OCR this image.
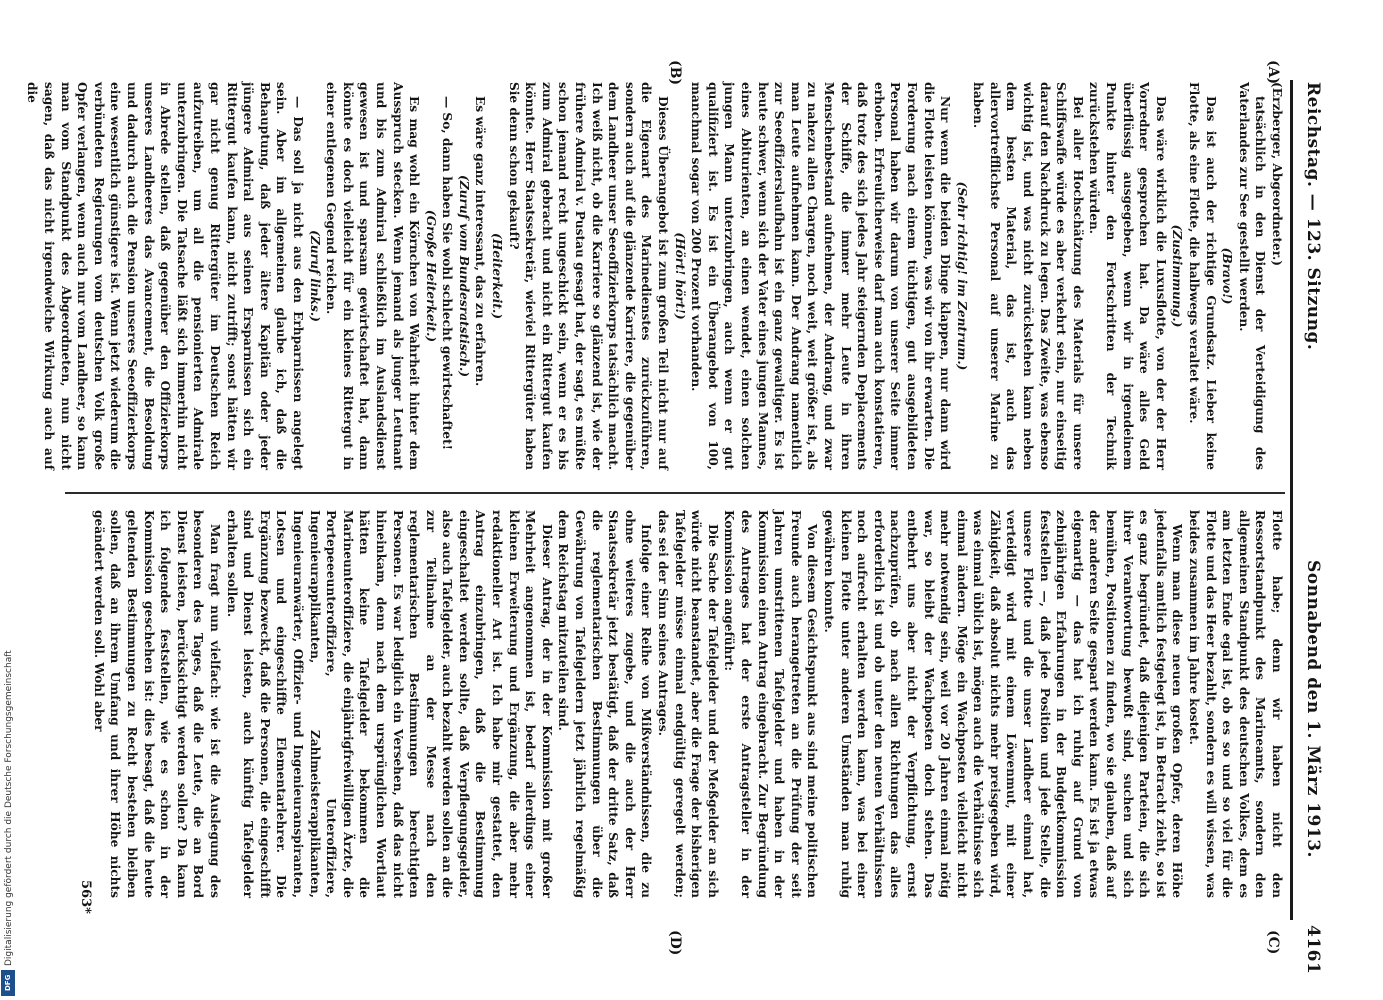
Reichstag. — 123. Sitzung.
Sonnabend den 1. März 1913.
4161
(A)
(B)
(C)
(D)

(Erzberger, Abgeordneter.)

tatsächlich in den Dienst der Verteidigung des Vaterlandes zur See gestellt werden.

(Bravo!)

Das ist auch der richtige Grundsatz. Lieber keine Flotte, als eine Flotte, die halbwegs veraltet wäre.

(Zustimmung.)

Das wäre wirklich die Luxusflotte, von der der Herr Vorredner gesprochen hat. Da wäre alles Geld überflüssig ausgegeben, wenn wir in irgendeinem Punkte hinter den Fortschritten der Technik zurückstehen würden.

Bei aller Hochschätzung des Materials für unsere Schiffswaffe würde es aber verkehrt sein, nur einseitig darauf den Nachdruck zu legen. Das Zweite, was ebenso wichtig ist, und was nicht zurückstehen kann neben dem besten Material, das ist, auch das allervortrefflichste Personal auf unserer Marine zu haben.

(Sehr richtig! im Zentrum.)

Nur wenn die beiden Dinge klappen, nur dann wird die Flotte leisten können, was wir von ihr erwarten. Die Forderung nach einem tüchtigen, gut ausgebildeten Personal haben wir darum von unserer Seite immer erhoben. Erfreulicherweise darf man auch konstatieren, daß trotz des sich jedes Jahr steigernden Deplacements der Schiffe, die immer mehr Leute in ihren Menschenbestand aufnehmen, der Andrang, und zwar zu nahezu allen Chargen, noch weit, weit größer ist, als man Leute aufnehmen kann. Der Andrang namentlich zur Seeoffizierslaufbahn ist ein ganz gewaltiger. Es ist heute schwer, wenn sich der Vater eines jungen Mannes, eines Abiturienten, an einen wendet, einen solchen jungen Mann unterzubringen, auch wenn er gut qualifiziert ist. Es ist ein Überangebot von 100, manchmal sogar von 200 Prozent vorhanden.

(Hört! hört!)

Dieses Überangebot ist zum großen Teil nicht nur auf die Eigenart des Marinedienstes zurückzuführen, sondern auch auf die glänzende Karriere, die gegenüber dem Landheer unser Seeoffizierkorps tatsächlich macht. Ich weiß nicht, ob die Karriere so glänzend ist, wie der frühere Admiral v. Pustau gesagt hat, der sagt, es müßte schon jemand recht ungeschickt sein, wenn er es bis zum Admiral gebracht und nicht ein Rittergut kaufen könnte. Herr Staatssekretär, wieviel Rittergüter haben Sie denn schon gekauft?

(Heiterkeit.)

Es wäre ganz interessant, das zu erfahren.

(Zuruf vom Bundesratstisch.)

— So, dann haben Sie wohl schlecht gewirtschaftet!

(Große Heiterkeit.)

Es mag wohl ein Körnchen von Wahrheit hinter dem Ausspruch stecken. Wenn jemand als junger Leutnant und bis zum Admiral schließlich im Auslandsdienst gewesen ist und sparsam gewirtschaftet hat, dann könnte es doch vielleicht für ein kleines Rittergut in einer entlegenen Gegend reichen.

(Zuruf links.)

— Das soll ja nicht aus den Erhparnissen angelegt sein. Aber im allgemeinen glaube ich, daß die Behauptung, daß jeder ältere Kapitän oder jeder jüngere Admiral aus seinen Ersparnissen sich ein Rittergut kaufen kann, nicht zutrifft; sonst hätten wir gar nicht genug Rittergüter im Deutschen Reich aufzutreiben, um all die pensionierten Admirale unterzubringen. Die Tatsache läßt sich immerhin nicht in Abrede stellen, daß gegenüber den Offizierkorps unseres Landheeres das Avancement, die Besoldung und dadurch auch die Pension unseres Seeoffizierkorps eine wesentlich günstigere ist. Wenn jetzt wiederum die verbündeten Regierungen vom deutschen Volk große Opfer verlangen, wenn auch nur vom Landheer, so kann man vom Standpunkt des Abgeordneten, nun nicht sagen, daß das nicht irgendwelche Wirkung auch auf die

Flotte habe; denn wir haben nicht den Ressortstandpunkt des Marineamts, sondern den allgemeinen Standpunkt des deutschen Volkes, dem es am letzten Ende egal ist, ob es so und so viel für die Flotte und das Heer bezahlt, sondern es will wissen, was beides zusammen im Jahre kostet.

Wenn man diese neuen großen Opfer, deren Höhe jedenfalls amtlich festgelegt ist, in Betracht zieht, so ist es ganz begründet, daß diejenigen Parteien, die sich ihrer Verantwortung bewußt sind, suchen und sich bemühen, Positionen zu finden, wo sie glauben, daß auf der anderen Seite gespart werden kann. Es ist ja etwas eigenartig — das hat ich ruhig auf Grund von zehnjährigen Erfahrungen in der Budgetkommission feststellen —, daß jede Position und jede Stelle, die unsere Flotte und die unser Landheer einmal hat, verteidigt wird mit einem Löwenmut, mit einer Zähigkeit, daß absolut nichts mehr preisgegeben wird, was einmal üblich ist, mögen auch die Verhältnisse sich einmal ändern. Möge ein Wachposten vielleicht nicht mehr notwendig sein, weil vor 20 Jahren einmal nötig war, so bleibt der Wachposten doch stehen. Das entbehrt uns aber nicht der Verpflichtung, ernst nachzuprüfen, ob nach allen Richtungen das alles erforderlich ist und ob unter den neuen Verhältnissen noch aufrecht erhalten werden kann, was bei einer kleinen Flotte unter anderen Umständen man ruhig gewähren konnte.

Von diesem Gesichtspunkt aus sind meine politischen Freunde auch herangetreten an die Prüfung der seit Jahren umstrittenen Tafelgelder und haben in der Kommission einen Antrag eingebracht. Zur Begründung des Antrages hat der erste Antragsteller in der Kommission angeführt:

Die Sache der Tafelgelder und der Meßgelder an sich würde nicht beanstandet, aber die Frage der bisherigen Tafelgelder müsse einmal endgültig geregelt werden; das sei der Sinn seines Antrages.

Infolge einer Reihe von Mißverständnissen, die zu ohne weiteres zugebe, und die auch der Herr Staatssekretär jetzt bestätigt, daß der dritte Satz, daß die reglementarischen Bestimmungen über die Gewährung von Tafelgeldern jetzt jährlich regelmäßig dem Reichstag mitzuteilen sind.

Dieser Antrag, der in der Kommission mit großer Mehrheit angenommen ist, bedarf allerdings einer kleinen Erweiterung und Ergänzung, die aber mehr redaktioneller Art ist. Ich habe mir gestattet, den Antrag einzubringen, daß die Bestimmung eingeschaltet werden sollte, daß Verpflegungsgelder, also auch Tafelgelder, auch bezahlt werden sollen an die zur Teilnahme an der Messe nach den reglementarischen Bestimmungen berechtigten Personen. Es war lediglich ein Versehen, daß das nicht hineinkam, denn nach dem ursprünglichen Wortlaut hätten keine Tafelgelder bekommen die Marineunteroffiziere, die einjährigfreiwilligen Ärzte, die Portepeeeunteroffiziere, Unteroffiziere, Ingenieurapplikanten, Zahlmeisterapplikanten, Ingenieuranwärter, Offizier- und Ingenieuranspiranten, Lotsen und eingeschiffte Elementarlehrer. Die Ergänzung bezweckt, daß die Personen, die eingeschifft sind und Dienst leisten, auch künftig Tafelgelder erhalten sollen.

Man fragt nun vielfach: wie ist die Auslegung des besonderen des Tages, daß die Leute, die an Bord Dienst leisten, berücksichtigt werden sollen? Da kann ich folgendes feststellen, wie es schon in der Kommission geschehen ist: dies besagt, daß die heute geltenden Bestimmungen zu Recht bestehen bleiben sollen, daß an ihrem Umfang und ihrer Höhe nichts geändert werden soll. Wohl aber

563*
Digitalisierung gefördert durch die Deutsche Forschungsgemeinschaft
DFG
